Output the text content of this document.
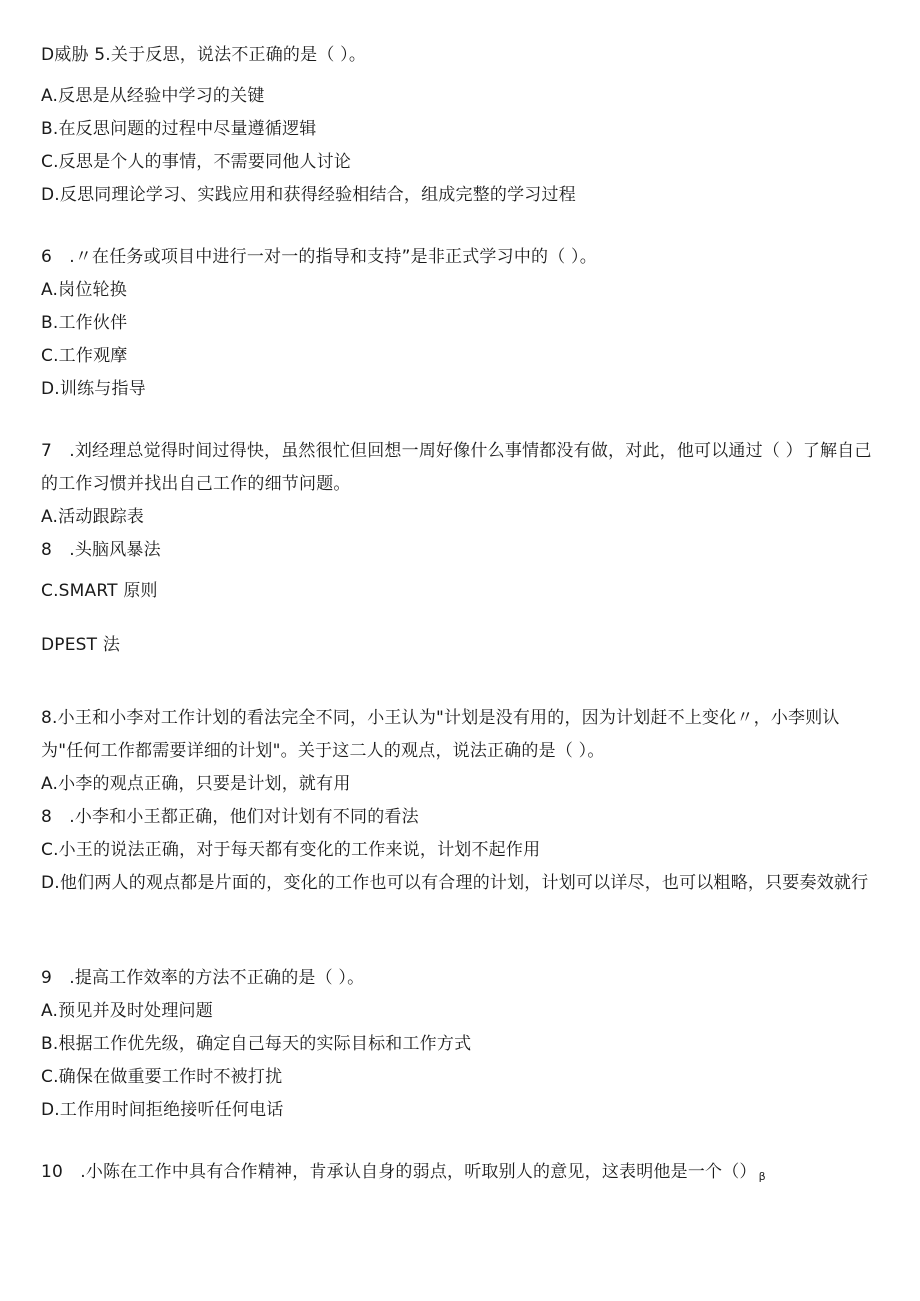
D威胁 5.关于反思，说法不正确的是（ ）。
A.反思是从经验中学习的关键
B.在反思问题的过程中尽量遵循逻辑
C.反思是个人的事情，不需要同他人讨论
D.反思同理论学习、实践应用和获得经验相结合，组成完整的学习过程
6　.〃在任务或项目中进行一对一的指导和支持”是非正式学习中的（ ）。
A.岗位轮换
B.工作伙伴
C.工作观摩
D.训练与指导
7　.刘经理总觉得时间过得快，虽然很忙但回想一周好像什么事情都没有做，对此，他可以通过（ ）了解自己的工作习惯并找出自己工作的细节问题。
A.活动跟踪表
8　.头脑风暴法
C.SMART 原则
DPEST 法
8.小王和小李对工作计划的看法完全不同，小王认为"计划是没有用的，因为计划赶不上变化〃，小李则认为"任何工作都需要详细的计划"。关于这二人的观点，说法正确的是（ ）。
A.小李的观点正确，只要是计划，就有用
8　.小李和小王都正确，他们对计划有不同的看法
C.小王的说法正确，对于每天都有变化的工作来说，计划不起作用
D.他们两人的观点都是片面的，变化的工作也可以有合理的计划，计划可以详尽，也可以粗略，只要奏效就行
9　.提高工作效率的方法不正确的是（ ）。
A.预见并及时处理问题
B.根据工作优先级，确定自己每天的实际目标和工作方式
C.确保在做重要工作时不被打扰
D.工作用时间拒绝接听任何电话
10　.小陈在工作中具有合作精神，肯承认自身的弱点，听取别人的意见，这表明他是一个（） β
